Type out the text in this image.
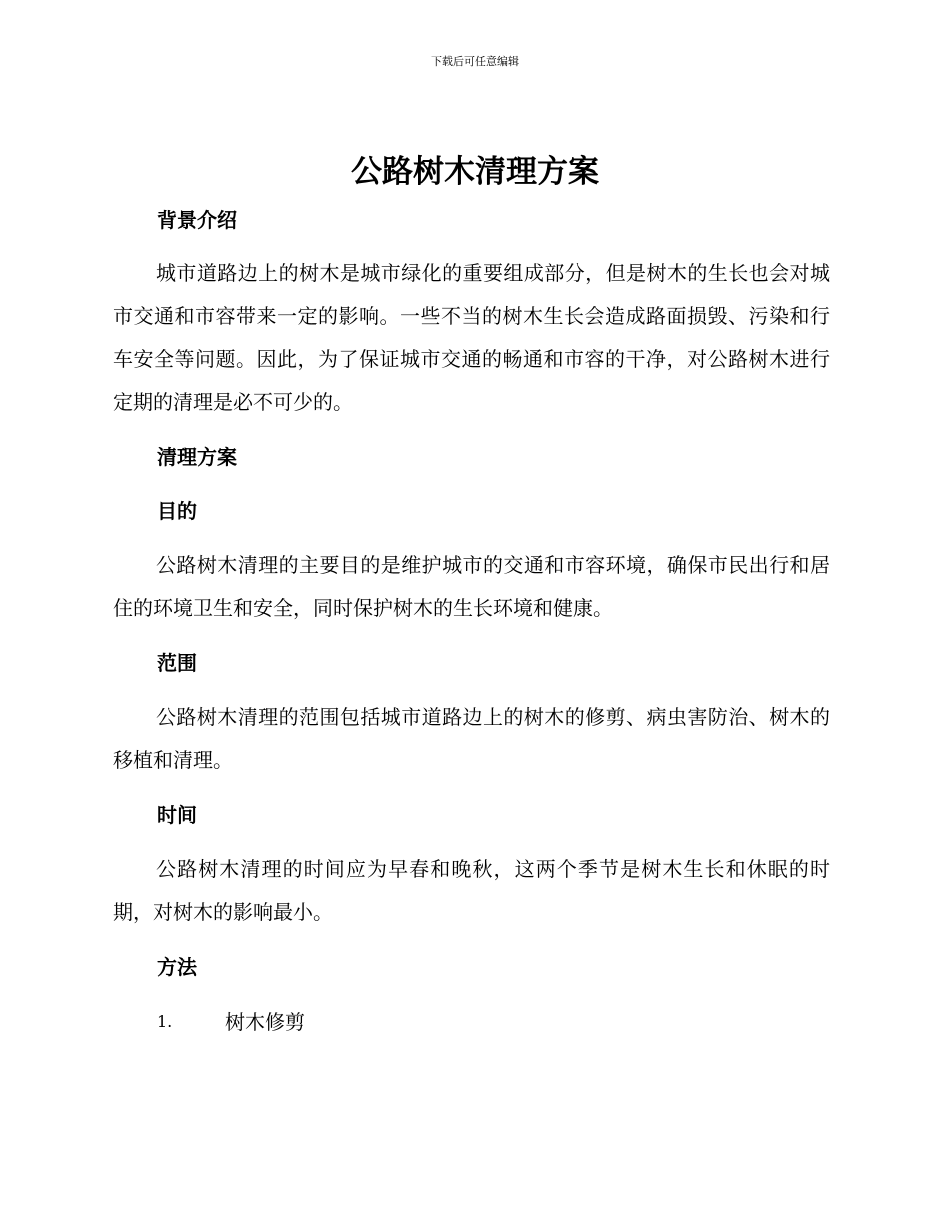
下载后可任意编辑
公路树木清理方案
背景介绍

城市道路边上的树木是城市绿化的重要组成部分，但是树木的生长也会对城市交通和市容带来一定的影响。一些不当的树木生长会造成路面损毁、污染和行车安全等问题。因此，为了保证城市交通的畅通和市容的干净，对公路树木进行定期的清理是必不可少的。

清理方案
目的

公路树木清理的主要目的是维护城市的交通和市容环境，确保市民出行和居住的环境卫生和安全，同时保护树木的生长环境和健康。

范围

公路树木清理的范围包括城市道路边上的树木的修剪、病虫害防治、树木的移植和清理。

时间

公路树木清理的时间应为早春和晚秋，这两个季节是树木生长和休眠的时期，对树木的影响最小。

方法
1.	树木修剪
